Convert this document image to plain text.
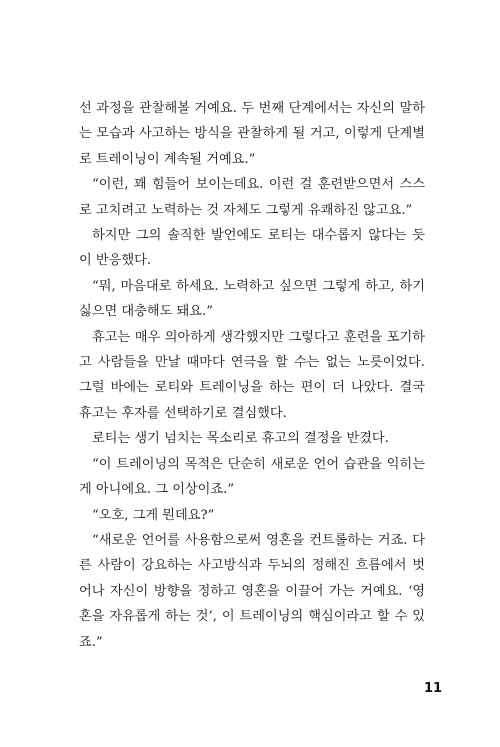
선 과정을 관찰해볼 거예요. 두 번째 단계에서는 자신의 말하는 모습과 사고하는 방식을 관찰하게 될 거고, 이렇게 단계별로 트레이닝이 계속될 거예요.”

“이런, 꽤 힘들어 보이는데요. 이런 걸 훈련받으면서 스스로 고치려고 노력하는 것 자체도 그렇게 유쾌하진 않고요.”

하지만 그의 솔직한 발언에도 로티는 대수롭지 않다는 듯이 반응했다.

“뭐, 마음대로 하세요. 노력하고 싶으면 그렇게 하고, 하기 싫으면 대충해도 돼요.”

휴고는 매우 의아하게 생각했지만 그렇다고 훈련을 포기하고 사람들을 만날 때마다 연극을 할 수는 없는 노릇이었다. 그럴 바에는 로티와 트레이닝을 하는 편이 더 나았다. 결국 휴고는 후자를 선택하기로 결심했다.

로티는 생기 넘치는 목소리로 휴고의 결정을 반겼다.

“이 트레이닝의 목적은 단순히 새로운 언어 습관을 익히는 게 아니에요. 그 이상이죠.”

“오호, 그게 뭔데요?”

“새로운 언어를 사용함으로써 영혼을 컨트롤하는 거죠. 다른 사람이 강요하는 사고방식과 두뇌의 정해진 흐름에서 벗어나 자신이 방향을 정하고 영혼을 이끌어 가는 거예요. ‘영혼을 자유롭게 하는 것’, 이 트레이닝의 핵심이라고 할 수 있죠.”

11
